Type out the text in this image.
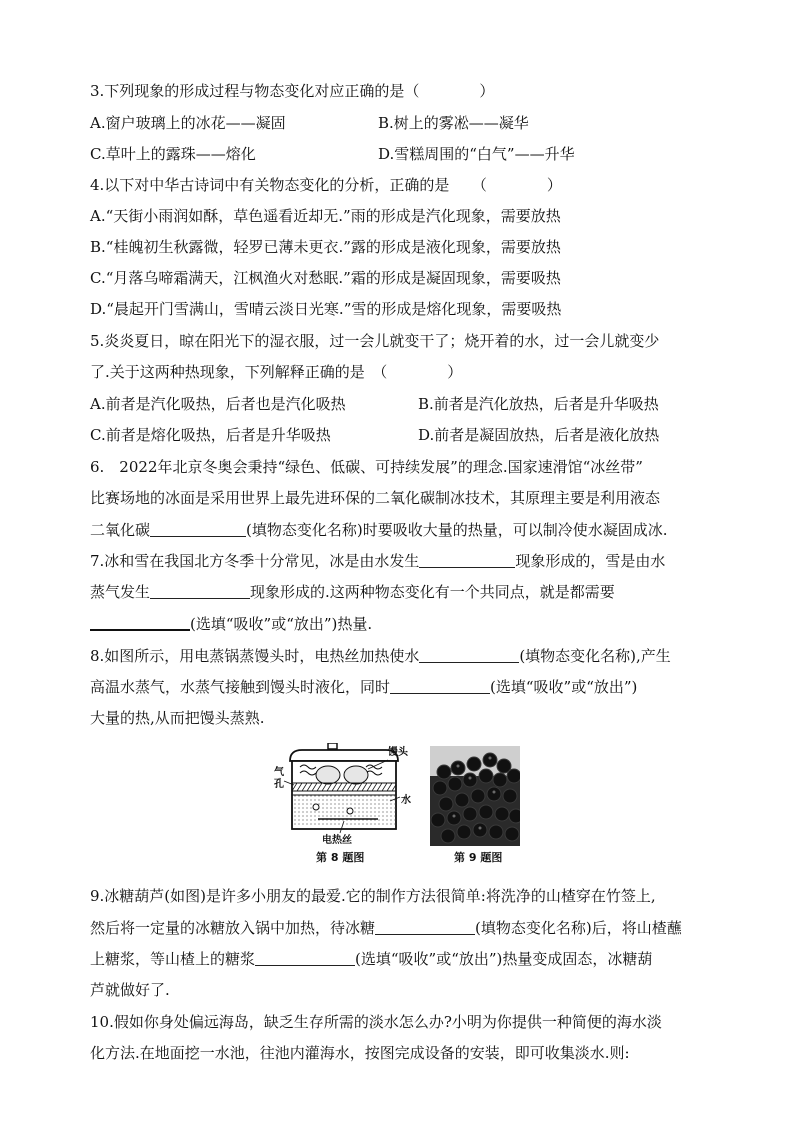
3.下列现象的形成过程与物态变化对应正确的是（　　　　）
A.窗户玻璃上的冰花——凝固	B.树上的雾凇——凝华
C.草叶上的露珠——熔化	D.雪糕周围的“白气”——升华
4.以下对中华古诗词中有关物态变化的分析，正确的是　　（　　　　）
A.“天街小雨润如酥，草色遥看近却无.”雨的形成是汽化现象，需要放热
B.“桂魄初生秋露微，轻罗已薄未更衣.”露的形成是液化现象，需要放热
C.“月落乌啼霜满天，江枫渔火对愁眠.”霜的形成是凝固现象，需要吸热
D.“晨起开门雪满山，雪晴云淡日光寒.”雪的形成是熔化现象，需要吸热
5.炎炎夏日，晾在阳光下的湿衣服，过一会儿就变干了；烧开着的水，过一会儿就变少
了.关于这两种热现象，下列解释正确的是　（　　　　）
A.前者是汽化吸热，后者也是汽化吸热	B.前者是汽化放热，后者是升华吸热
C.前者是熔化吸热，后者是升华吸热	D.前者是凝固放热，后者是液化放热
6.　2022年北京冬奥会秉持“绿色、低碳、可持续发展”的理念.国家速滑馆“冰丝带”
比赛场地的冰面是采用世界上最先进环保的二氧化碳制冰技术，其原理主要是利用液态
二氧化碳	(填物态变化名称)时要吸收大量的热量，可以制冷使水凝固成冰.
7.冰和雪在我国北方冬季十分常见，冰是由水发生	现象形成的，雪是由水
蒸气发生	现象形成的.这两种物态变化有一个共同点，就是都需要
(选填“吸收”或“放出”)热量.
8.如图所示，用电蒸锅蒸馒头时，电热丝加热使水	(填物态变化名称),产生
高温水蒸气，水蒸气接触到馒头时液化，同时	(选填“吸收”或“放出”)
大量的热,从而把馒头蒸熟.
馒头
气
孔
水
电热丝
第 8 题图	第 9 题图
9.冰糖葫芦(如图)是许多小朋友的最爱.它的制作方法很简单:将洗净的山楂穿在竹签上,
然后将一定量的冰糖放入锅中加热，待冰糖	(填物态变化名称)后，将山楂蘸
上糖浆，等山楂上的糖浆	(选填“吸收”或“放出”)热量变成固态，冰糖葫
芦就做好了.
10.假如你身处偏远海岛，缺乏生存所需的淡水怎么办?小明为你提供一种简便的海水淡
化方法.在地面挖一水池，往池内灌海水，按图完成设备的安装，即可收集淡水.则:
